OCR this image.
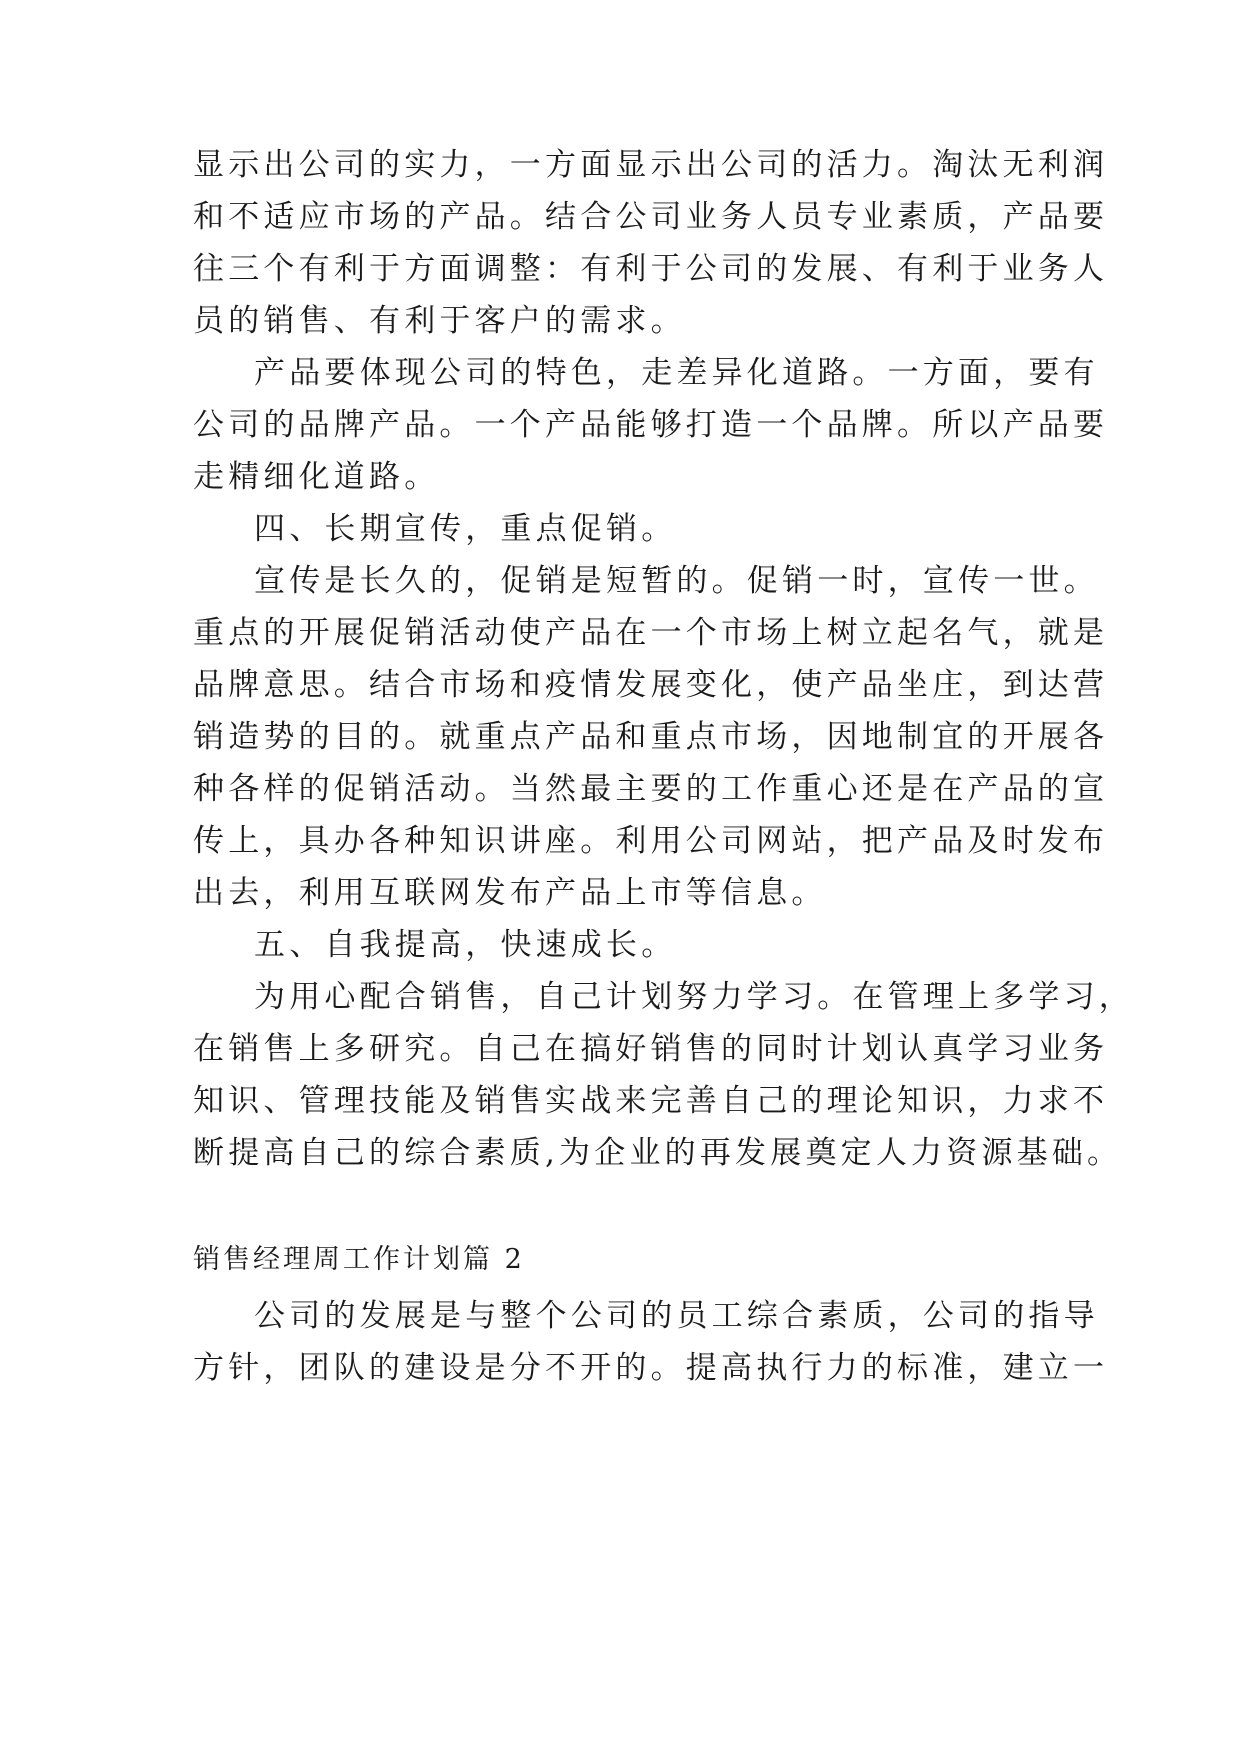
显示出公司的实力，一方面显示出公司的活力。淘汰无利润
和不适应市场的产品。结合公司业务人员专业素质，产品要
往三个有利于方面调整：有利于公司的发展、有利于业务人
员的销售、有利于客户的需求。
产品要体现公司的特色，走差异化道路。一方面，要有
公司的品牌产品。一个产品能够打造一个品牌。所以产品要
走精细化道路。
四、长期宣传，重点促销。
宣传是长久的，促销是短暂的。促销一时，宣传一世。
重点的开展促销活动使产品在一个市场上树立起名气，就是
品牌意思。结合市场和疫情发展变化，使产品坐庄，到达营
销造势的目的。就重点产品和重点市场，因地制宜的开展各
种各样的促销活动。当然最主要的工作重心还是在产品的宣
传上，具办各种知识讲座。利用公司网站，把产品及时发布
出去，利用互联网发布产品上市等信息。
五、自我提高，快速成长。
为用心配合销售，自己计划努力学习。在管理上多学习，
在销售上多研究。自己在搞好销售的同时计划认真学习业务
知识、管理技能及销售实战来完善自己的理论知识，力求不
断提高自己的综合素质,为企业的再发展奠定人力资源基础。
销售经理周工作计划篇 2
公司的发展是与整个公司的员工综合素质，公司的指导
方针，团队的建设是分不开的。提高执行力的标准，建立一
